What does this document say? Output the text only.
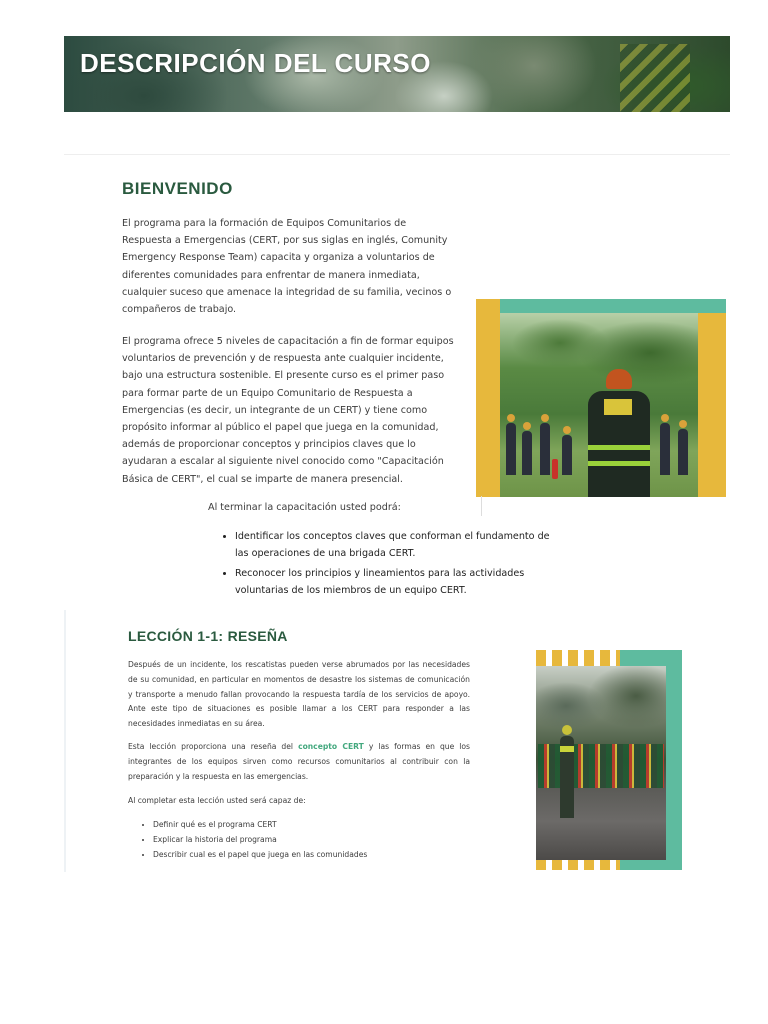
DESCRIPCIÓN DEL CURSO
BIENVENIDO

El programa para la formación de Equipos Comunitarios de Respuesta a Emergencias (CERT, por sus siglas en inglés, Comunity Emergency Response Team) capacita y organiza a voluntarios de diferentes comunidades para enfrentar de manera inmediata, cualquier suceso que amenace la integridad de su familia, vecinos o compañeros de trabajo.

El programa ofrece 5 niveles de capacitación a fin de formar equipos voluntarios de prevención y de respuesta ante cualquier incidente, bajo una estructura sostenible. El presente curso es el primer paso para formar parte de un Equipo Comunitario de Respuesta a Emergencias (es decir, un integrante de un CERT) y tiene como propósito informar al público el papel que juega en la comunidad, además de proporcionar conceptos y principios claves que lo ayudaran a escalar al siguiente nivel conocido como "Capacitación Básica de CERT", el cual se imparte de manera presencial.

Al terminar la capacitación usted podrá:
• Identificar los conceptos claves que conforman el fundamento de las operaciones de una brigada CERT.
• Reconocer los principios y lineamientos para las actividades voluntarias de los miembros de un equipo CERT.
LECCIÓN 1-1: RESEÑA

Después de un incidente, los rescatistas pueden verse abrumados por las necesidades de su comunidad, en particular en momentos de desastre los sistemas de comunicación y transporte a menudo fallan provocando la respuesta tardía de los servicios de apoyo. Ante este tipo de situaciones es posible llamar a los CERT para responder a las necesidades inmediatas en su área.

Esta lección proporciona una reseña del concepto CERT y las formas en que los integrantes de los equipos sirven como recursos comunitarios al contribuir con la preparación y la respuesta en las emergencias.

Al completar esta lección usted será capaz de:
• Definir qué es el programa CERT
• Explicar la historia del programa
• Describir cual es el papel que juega en las comunidades
